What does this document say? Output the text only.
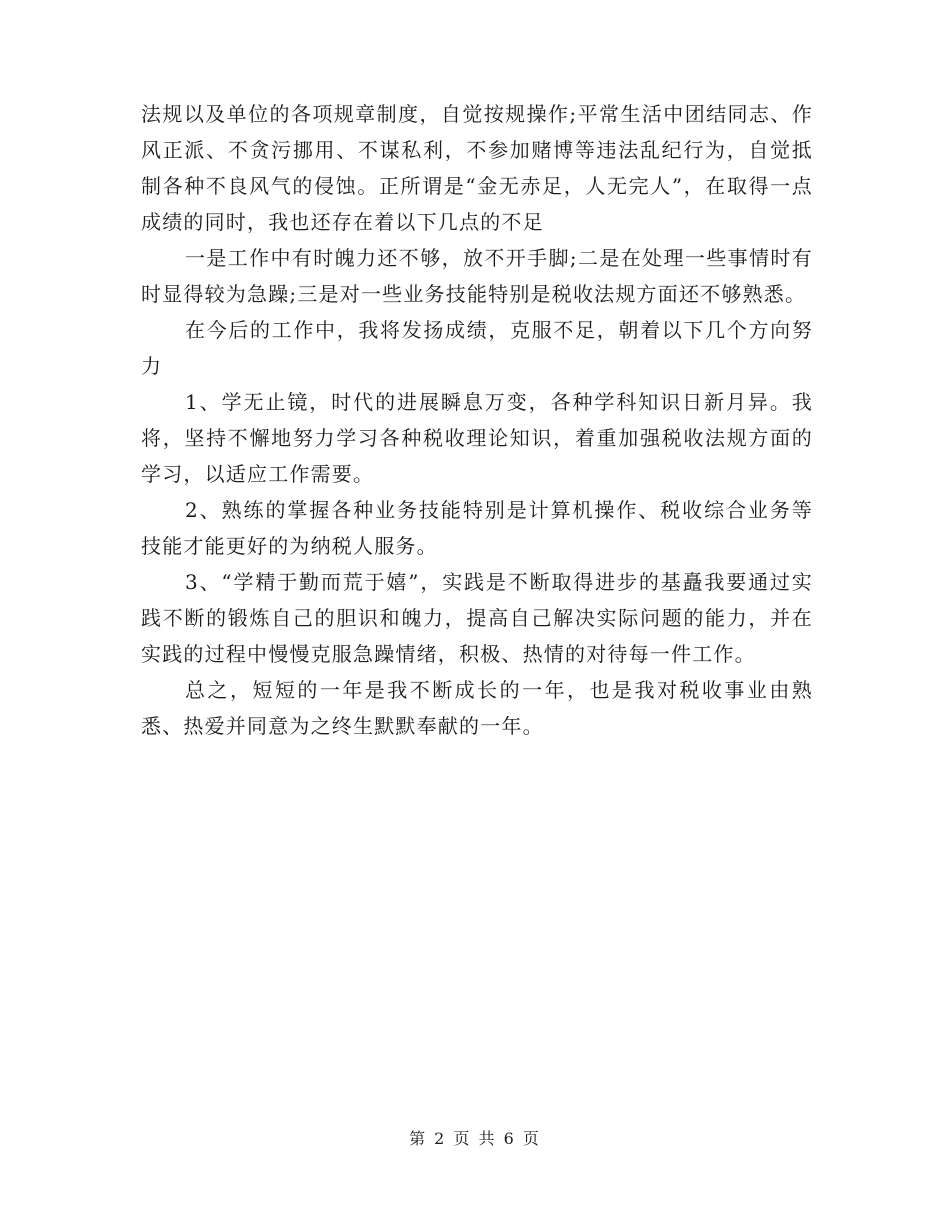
法规以及单位的各项规章制度，自觉按规操作;平常生活中团结同志、作风正派、不贪污挪用、不谋私利，不参加赌博等违法乱纪行为，自觉抵制各种不良风气的侵蚀。正所谓是“金无赤足，人无完人”，在取得一点成绩的同时，我也还存在着以下几点的不足

一是工作中有时魄力还不够，放不开手脚;二是在处理一些事情时有时显得较为急躁;三是对一些业务技能特别是税收法规方面还不够熟悉。

在今后的工作中，我将发扬成绩，克服不足，朝着以下几个方向努力

1、学无止镜，时代的进展瞬息万变，各种学科知识日新月异。我将，坚持不懈地努力学习各种税收理论知识，着重加强税收法规方面的学习，以适应工作需要。

2、熟练的掌握各种业务技能特别是计算机操作、税收综合业务等技能才能更好的为纳税人服务。

3、“学精于勤而荒于嬉”，实践是不断取得进步的基矗我要通过实践不断的锻炼自己的胆识和魄力，提高自己解决实际问题的能力，并在实践的过程中慢慢克服急躁情绪，积极、热情的对待每一件工作。

总之，短短的一年是我不断成长的一年，也是我对税收事业由熟悉、热爱并同意为之终生默默奉献的一年。

第 2 页 共 6 页
